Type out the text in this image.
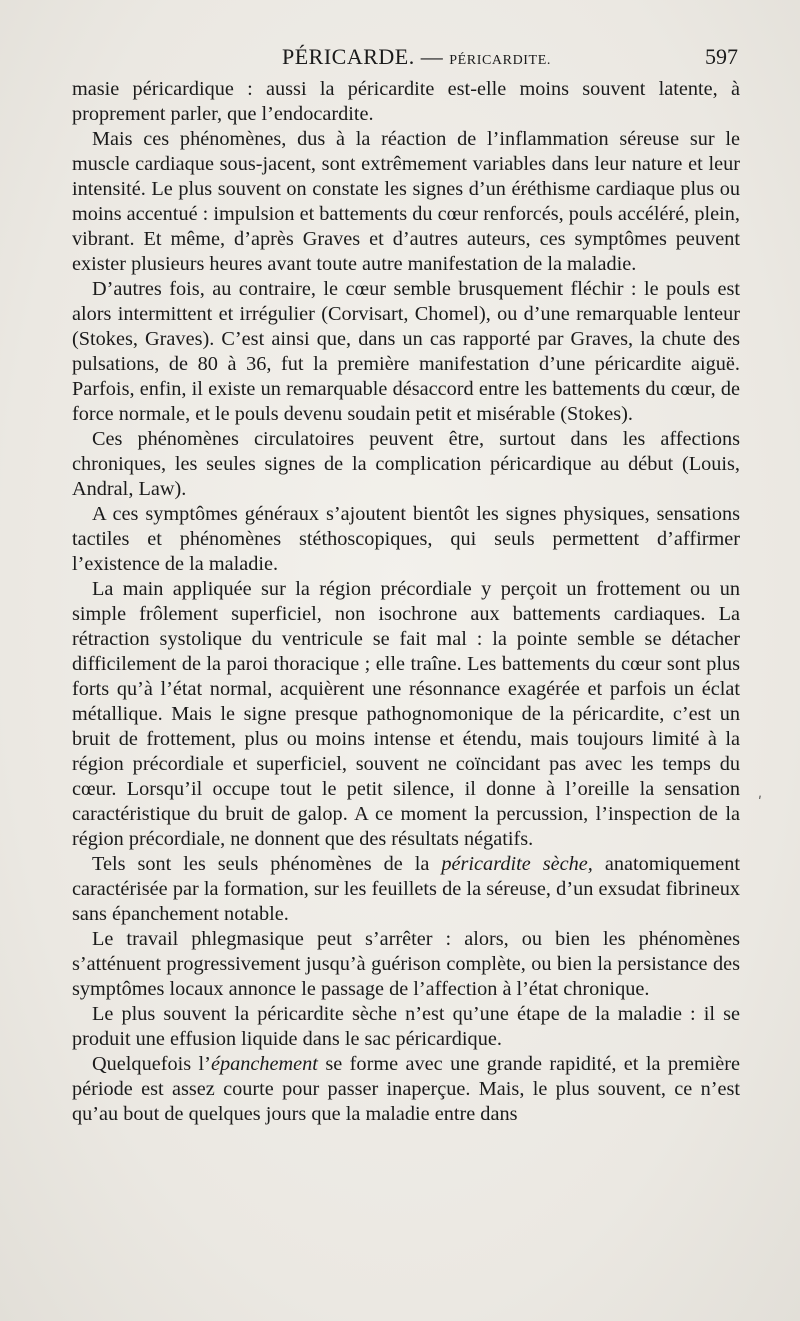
PÉRICARDE. — PÉRICARDITE.	597

masie péricardique : aussi la péricardite est-elle moins souvent latente, à proprement parler, que l’endocardite.

Mais ces phénomènes, dus à la réaction de l’inflammation séreuse sur le muscle cardiaque sous-jacent, sont extrêmement variables dans leur nature et leur intensité. Le plus souvent on constate les signes d’un éréthisme cardiaque plus ou moins accentué : impulsion et battements du cœur renforcés, pouls accéléré, plein, vibrant. Et même, d’après Graves et d’autres auteurs, ces symptômes peuvent exister plusieurs heures avant toute autre manifestation de la maladie.

D’autres fois, au contraire, le cœur semble brusquement fléchir : le pouls est alors intermittent et irrégulier (Corvisart, Chomel), ou d’une remarquable lenteur (Stokes, Graves). C’est ainsi que, dans un cas rapporté par Graves, la chute des pulsations, de 80 à 36, fut la première manifestation d’une péricardite aiguë. Parfois, enfin, il existe un remarquable désaccord entre les battements du cœur, de force normale, et le pouls devenu soudain petit et misérable (Stokes).

Ces phénomènes circulatoires peuvent être, surtout dans les affections chroniques, les seules signes de la complication péricardique au début (Louis, Andral, Law).

A ces symptômes généraux s’ajoutent bientôt les signes physiques, sensations tactiles et phénomènes stéthoscopiques, qui seuls permettent d’affirmer l’existence de la maladie.

La main appliquée sur la région précordiale y perçoit un frottement ou un simple frôlement superficiel, non isochrone aux battements cardiaques. La rétraction systolique du ventricule se fait mal : la pointe semble se détacher difficilement de la paroi thoracique ; elle traîne. Les battements du cœur sont plus forts qu’à l’état normal, acquièrent une résonnance exagérée et parfois un éclat métallique. Mais le signe presque pathognomonique de la péricardite, c’est un bruit de frottement, plus ou moins intense et étendu, mais toujours limité à la région précordiale et superficiel, souvent ne coïncidant pas avec les temps du cœur. Lorsqu’il occupe tout le petit silence, il donne à l’oreille la sensation caractéristique du bruit de galop. A ce moment la percussion, l’inspection de la région précordiale, ne donnent que des résultats négatifs.

Tels sont les seuls phénomènes de la péricardite sèche, anatomiquement caractérisée par la formation, sur les feuillets de la séreuse, d’un exsudat fibrineux sans épanchement notable.

Le travail phlegmasique peut s’arrêter : alors, ou bien les phénomènes s’atténuent progressivement jusqu’à guérison complète, ou bien la persistance des symptômes locaux annonce le passage de l’affection à l’état chronique.

Le plus souvent la péricardite sèche n’est qu’une étape de la maladie : il se produit une effusion liquide dans le sac péricardique.

Quelquefois l’épanchement se forme avec une grande rapidité, et la première période est assez courte pour passer inaperçue. Mais, le plus souvent, ce n’est qu’au bout de quelques jours que la maladie entre dans

ʹ
